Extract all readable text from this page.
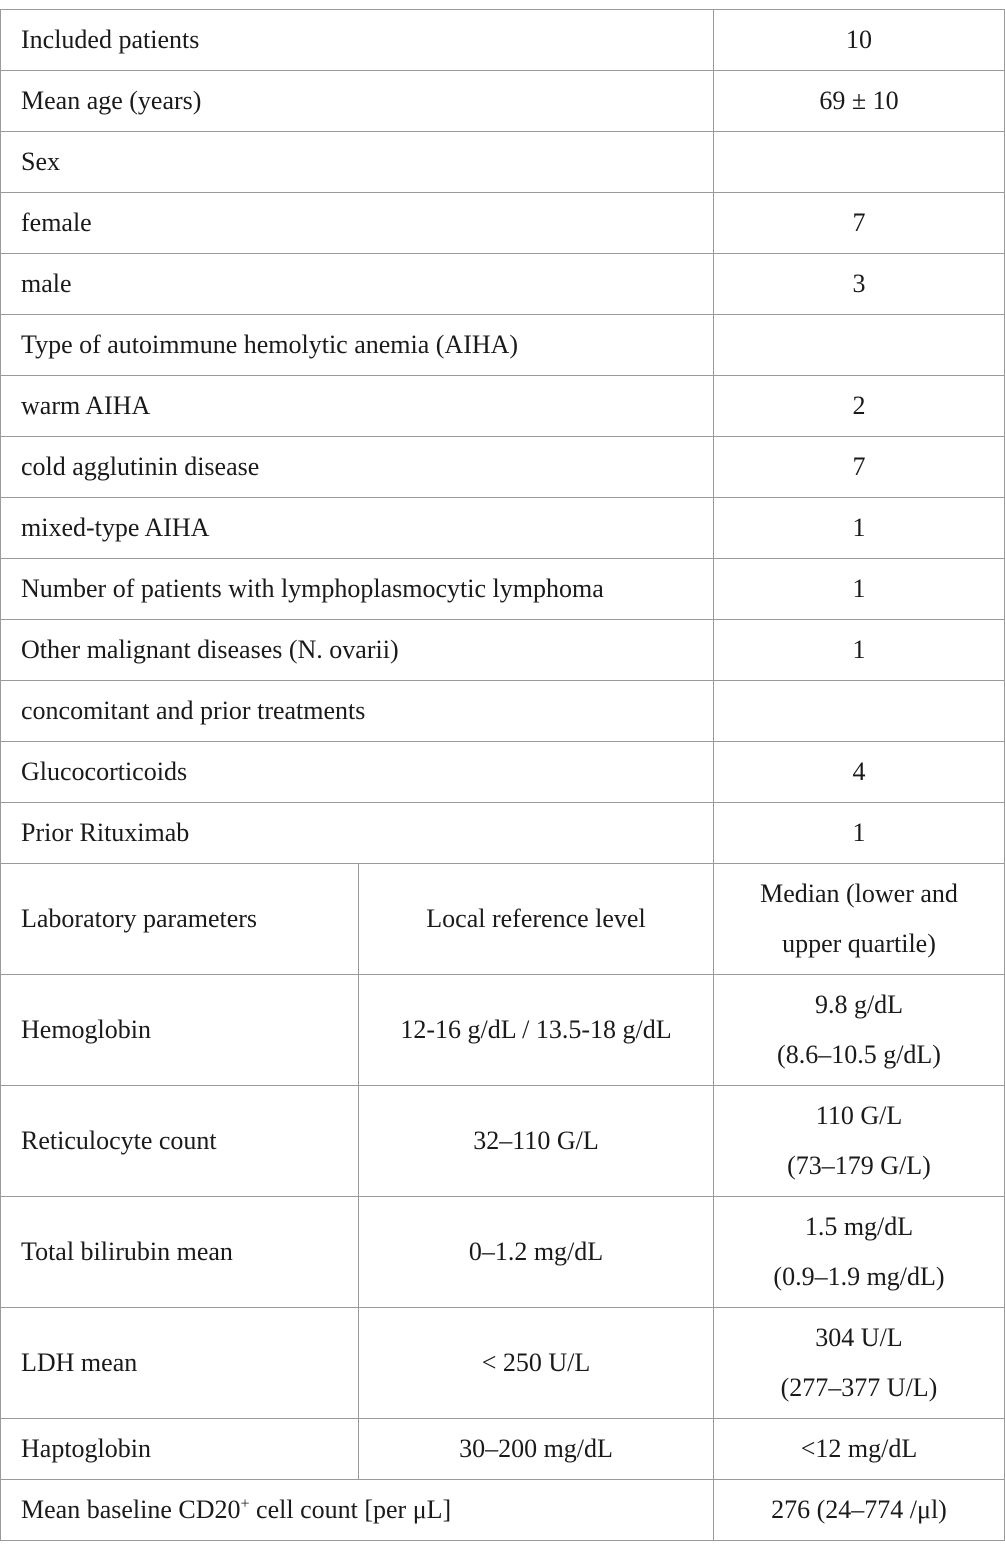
Included patients		10
Mean age (years)		69 ± 10
Sex		
female		7
male		3
Type of autoimmune hemolytic anemia (AIHA)		
warm AIHA		2
cold agglutinin disease		7
mixed-type AIHA		1
Number of patients with lymphoplasmocytic lymphoma		1
Other malignant diseases (N. ovarii)		1
concomitant and prior treatments		
Glucocorticoids		4
Prior Rituximab		1
Laboratory parameters	Local reference level	Median (lower and
upper quartile)

Hemoglobin	12-16 g/dL / 13.5-18 g/dL	9.8 g/dL
(8.6–10.5 g/dL)

Reticulocyte count	32–110 G/L	110 G/L
(73–179 G/L)

Total bilirubin mean	0–1.2 mg/dL	1.5 mg/dL
(0.9–1.9 mg/dL)

LDH mean	< 250 U/L	304 U/L
(277–377 U/L)

Haptoglobin	30–200 mg/dL	<12 mg/dL
Mean baseline CD20+ cell count [per μL]		276 (24–774 /μl)
